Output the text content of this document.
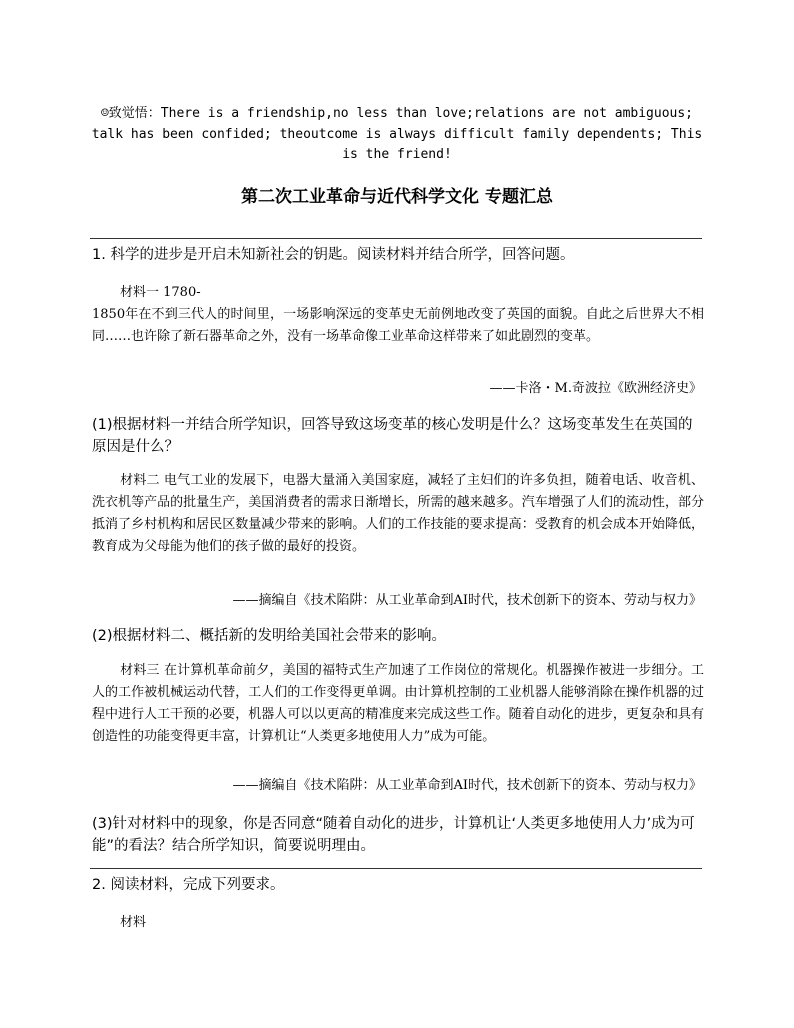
☺致觉悟：There is a friendship,no less than love;relations are not ambiguous; talk has been confided; theoutcome is always difficult family dependents; This is the friend!
第二次工业革命与近代科学文化 专题汇总
1. 科学的进步是开启未知新社会的钥匙。阅读材料并结合所学，回答问题。
材料一 1780-
1850年在不到三代人的时间里，一场影响深远的变革史无前例地改变了英国的面貌。自此之后世界大不相同……也许除了新石器革命之外，没有一场革命像工业革命这样带来了如此剧烈的变革。
——卡洛・M.奇波拉《欧洲经济史》
(1)根据材料一并结合所学知识，回答导致这场变革的核心发明是什么？这场变革发生在英国的原因是什么？
材料二 电气工业的发展下，电器大量涌入美国家庭，减轻了主妇们的许多负担，随着电话、收音机、洗衣机等产品的批量生产，美国消费者的需求日渐增长，所需的越来越多。汽车增强了人们的流动性，部分抵消了乡村机构和居民区数量减少带来的影响。人们的工作技能的要求提高：受教育的机会成本开始降低，教育成为父母能为他们的孩子做的最好的投资。
——摘编自《技术陷阱：从工业革命到AI时代，技术创新下的资本、劳动与权力》
(2)根据材料二、概括新的发明给美国社会带来的影响。
材料三 在计算机革命前夕，美国的福特式生产加速了工作岗位的常规化。机器操作被进一步细分。工人的工作被机械运动代替，工人们的工作变得更单调。由计算机控制的工业机器人能够消除在操作机器的过程中进行人工干预的必要，机器人可以以更高的精准度来完成这些工作。随着自动化的进步，更复杂和具有创造性的功能变得更丰富，计算机让“人类更多地使用人力”成为可能。
——摘编自《技术陷阱：从工业革命到AI时代，技术创新下的资本、劳动与权力》
(3)针对材料中的现象，你是否同意“随着自动化的进步，计算机让‘人类更多地使用人力’成为可能”的看法？结合所学知识，简要说明理由。
2. 阅读材料，完成下列要求。
材料
